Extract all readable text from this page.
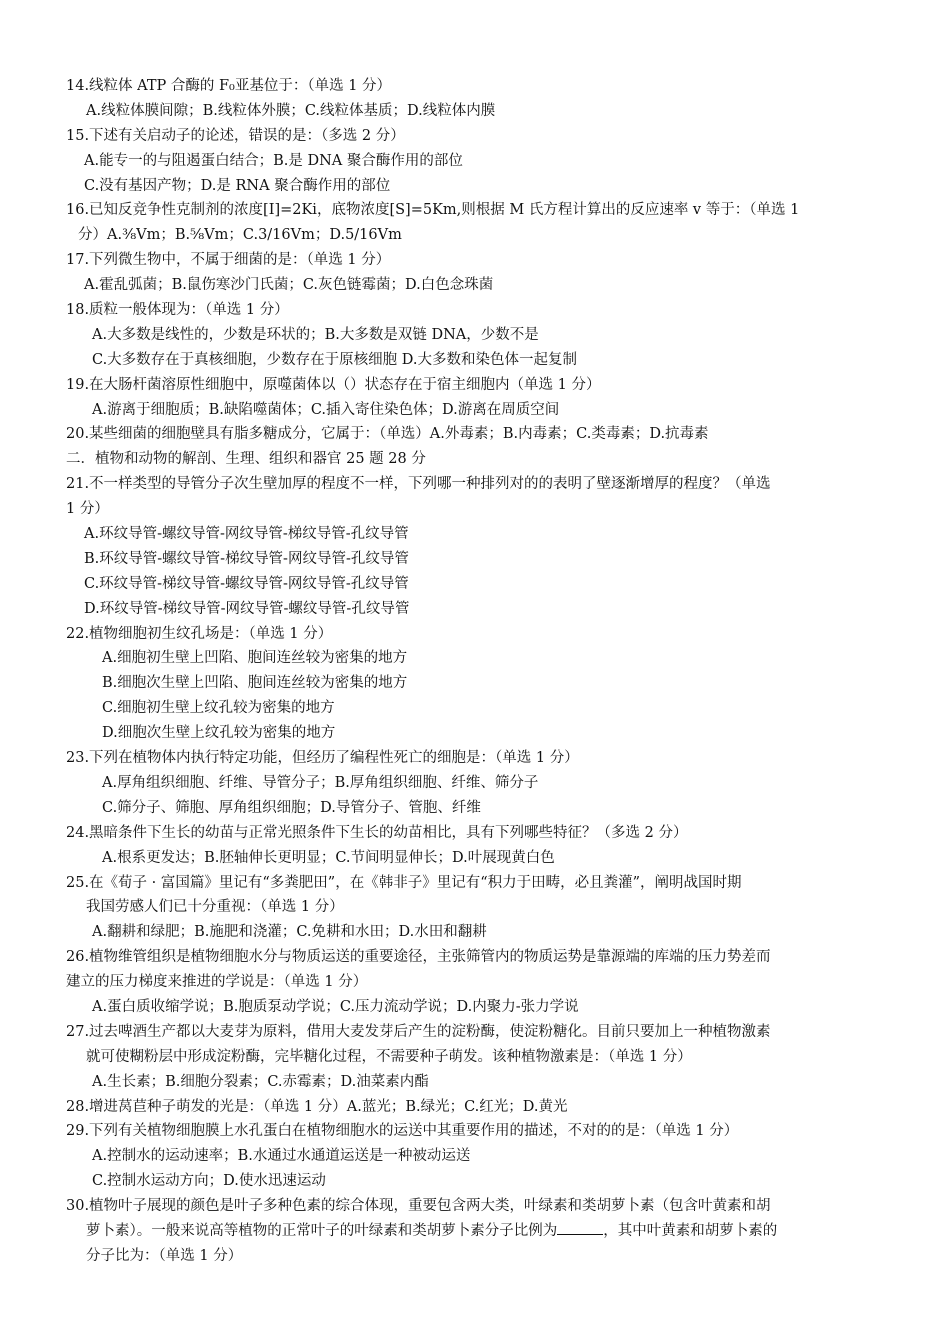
14.线粒体 ATP 合酶的 F₀亚基位于：（单选 1 分）
A.线粒体膜间隙；B.线粒体外膜；C.线粒体基质；D.线粒体内膜
15.下述有关启动子的论述，错误的是：（多选 2 分）
A.能专一的与阻遏蛋白结合；B.是 DNA 聚合酶作用的部位
C.没有基因产物；D.是 RNA 聚合酶作用的部位
16.已知反竞争性克制剂的浓度[I]=2Ki，底物浓度[S]=5Km,则根据 M 氏方程计算出的反应速率 v 等于：（单选 1
分）A.³⁄₈Vm；B.⁵⁄₈Vm；C.3/16Vm；D.5/16Vm
17.下列微生物中，不属于细菌的是：（单选 1 分）
A.霍乱弧菌；B.鼠伤寒沙门氏菌；C.灰色链霉菌；D.白色念珠菌
18.质粒一般体现为：（单选 1 分）
A.大多数是线性的，少数是环状的；B.大多数是双链 DNA，少数不是
C.大多数存在于真核细胞，少数存在于原核细胞 D.大多数和染色体一起复制
19.在大肠杆菌溶原性细胞中，原噬菌体以（）状态存在于宿主细胞内（单选 1 分）
A.游离于细胞质；B.缺陷噬菌体；C.插入寄住染色体；D.游离在周质空间
20.某些细菌的细胞壁具有脂多糖成分，它属于：（单选）A.外毒素；B.内毒素；C.类毒素；D.抗毒素
二．植物和动物的解剖、生理、组织和器官 25 题 28 分
21.不一样类型的导管分子次生壁加厚的程度不一样，下列哪一种排列对的的表明了壁逐渐增厚的程度？（单选
1 分）
A.环纹导管-螺纹导管-网纹导管-梯纹导管-孔纹导管
B.环纹导管-螺纹导管-梯纹导管-网纹导管-孔纹导管
C.环纹导管-梯纹导管-螺纹导管-网纹导管-孔纹导管
D.环纹导管-梯纹导管-网纹导管-螺纹导管-孔纹导管
22.植物细胞初生纹孔场是：（单选 1 分）
A.细胞初生壁上凹陷、胞间连丝较为密集的地方
B.细胞次生壁上凹陷、胞间连丝较为密集的地方
C.细胞初生壁上纹孔较为密集的地方
D.细胞次生壁上纹孔较为密集的地方
23.下列在植物体内执行特定功能，但经历了编程性死亡的细胞是：（单选 1 分）
A.厚角组织细胞、纤维、导管分子；B.厚角组织细胞、纤维、筛分子
C.筛分子、筛胞、厚角组织细胞；D.导管分子、管胞、纤维
24.黑暗条件下生长的幼苗与正常光照条件下生长的幼苗相比，具有下列哪些特征？（多选 2 分）
A.根系更发达；B.胚轴伸长更明显；C.节间明显伸长；D.叶展现黄白色
25.在《荀子 · 富国篇》里记有“多粪肥田”，在《韩非子》里记有“积力于田畴，必且粪灌”，阐明战国时期
我国劳感人们已十分重视：（单选 1 分）
A.翻耕和绿肥；B.施肥和浇灌；C.免耕和水田；D.水田和翻耕
26.植物维管组织是植物细胞水分与物质运送的重要途径，主张筛管内的物质运势是靠源端的库端的压力势差而
建立的压力梯度来推进的学说是：（单选 1 分）
A.蛋白质收缩学说；B.胞质泵动学说；C.压力流动学说；D.内聚力-张力学说
27.过去啤酒生产都以大麦芽为原料，借用大麦发芽后产生的淀粉酶，使淀粉糖化。目前只要加上一种植物激素
就可使糊粉层中形成淀粉酶，完毕糖化过程，不需要种子萌发。该种植物激素是：（单选 1 分）
A.生长素；B.细胞分裂素；C.赤霉素；D.油菜素内酯
28.增进莴苣种子萌发的光是：（单选 1 分）A.蓝光；B.绿光；C.红光；D.黄光
29.下列有关植物细胞膜上水孔蛋白在植物细胞水的运送中其重要作用的描述，不对的的是：（单选 1 分）
A.控制水的运动速率；B.水通过水通道运送是一种被动运送
C.控制水运动方向；D.使水迅速运动
30.植物叶子展现的颜色是叶子多种色素的综合体现，重要包含两大类，叶绿素和类胡萝卜素（包含叶黄素和胡
萝卜素）。一般来说高等植物的正常叶子的叶绿素和类胡萝卜素分子比例为	，其中叶黄素和胡萝卜素的
分子比为：（单选 1 分）
